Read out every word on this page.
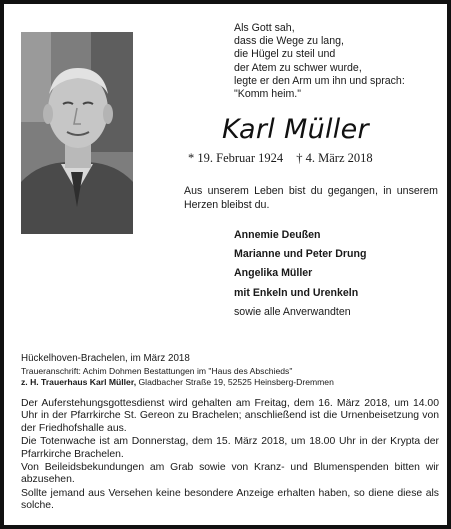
Als Gott sah,
dass die Wege zu lang,
die Hügel zu steil und
der Atem zu schwer wurde,
legte er den Arm um ihn und sprach:
"Komm heim."
Karl Müller
* 19. Februar 1924 † 4. März 2018
Aus unserem Leben bist du gegangen, in unserem Herzen bleibst du.
Annemie Deußen
Marianne und Peter Drung
Angelika Müller
mit Enkeln und Urenkeln
sowie alle Anverwandten
Hückelhoven-Brachelen, im März 2018
Traueranschrift: Achim Dohmen Bestattungen im "Haus des Abschieds"
z. H. Trauerhaus Karl Müller, Gladbacher Straße 19, 52525 Heinsberg-Dremmen

Der Auferstehungsgottesdienst wird gehalten am Freitag, dem 16. März 2018, um 14.00 Uhr in der Pfarrkirche St. Gereon zu Brachelen; anschließend ist die Urnenbeisetzung von der Friedhofshalle aus.

Die Totenwache ist am Donnerstag, dem 15. März 2018, um 18.00 Uhr in der Krypta der Pfarrkirche Brachelen.

Von Beileidsbekundungen am Grab sowie von Kranz- und Blumenspenden bitten wir abzusehen.

Sollte jemand aus Versehen keine besondere Anzeige erhalten haben, so diene diese als solche.
